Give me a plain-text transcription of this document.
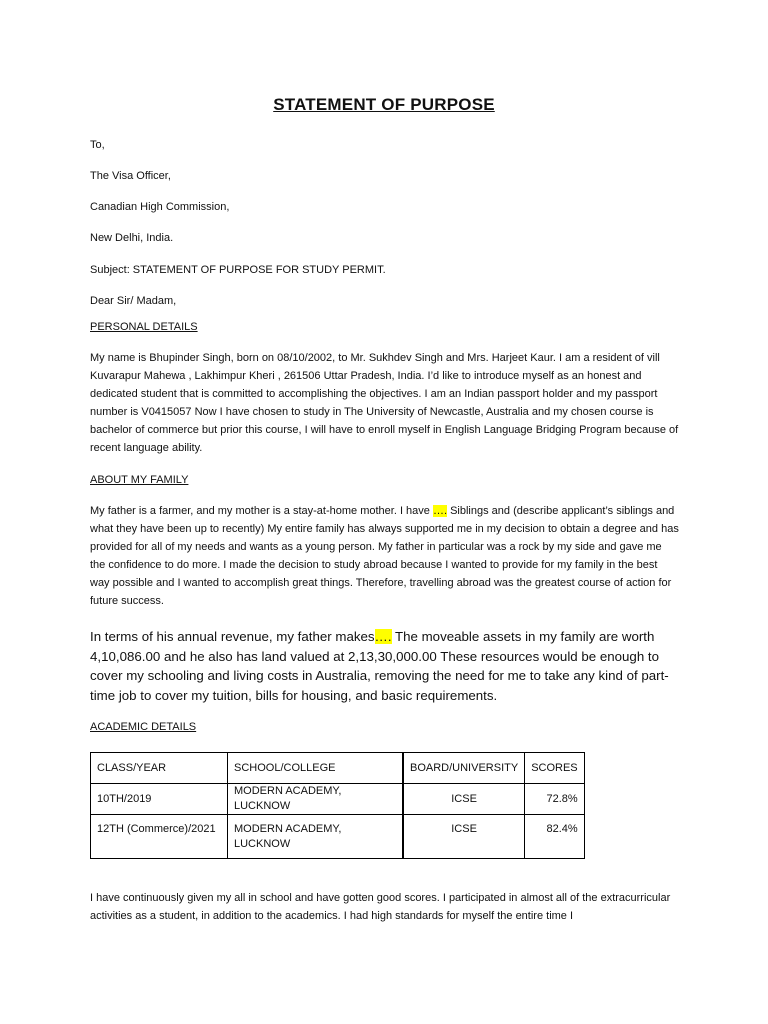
STATEMENT OF PURPOSE
To,
The Visa Officer,
Canadian High Commission,
New Delhi, India.
Subject: STATEMENT OF PURPOSE FOR STUDY PERMIT.
Dear Sir/ Madam,
PERSONAL DETAILS
My name is Bhupinder Singh, born on 08/10/2002, to Mr. Sukhdev Singh and Mrs. Harjeet Kaur. I am a resident of vill Kuvarapur Mahewa , Lakhimpur Kheri , 261506 Uttar Pradesh, India. I’d like to introduce myself as an honest and dedicated student that is committed to accomplishing the objectives. I am an Indian passport holder and my passport number is V0415057 Now I have chosen to study in The University of Newcastle, Australia and my chosen course is bachelor of commerce but prior this course, I will have to enroll myself in English Language Bridging Program because of recent language ability.
ABOUT MY FAMILY
My father is a farmer, and my mother is a stay-at-home mother. I have …. Siblings and (describe applicant’s siblings and what they have been up to recently) My entire family has always supported me in my decision to obtain a degree and has provided for all of my needs and wants as a young person. My father in particular was a rock by my side and gave me the confidence to do more. I made the decision to study abroad because I wanted to provide for my family in the best way possible and I wanted to accomplish great things. Therefore, travelling abroad was the greatest course of action for future success.
In terms of his annual revenue, my father makes…. The moveable assets in my family are worth 4,10,086.00 and he also has land valued at 2,13,30,000.00 These resources would be enough to cover my schooling and living costs in Australia, removing the need for me to take any kind of part-time job to cover my tuition, bills for housing, and basic requirements.
ACADEMIC DETAILS
CLASS/YEAR	SCHOOL/COLLEGE	BOARD/UNIVERSITY	SCORES
10TH/2019	MODERN ACADEMY, LUCKNOW	ICSE	72.8%
12TH (Commerce)/2021	MODERN ACADEMY, LUCKNOW	ICSE	82.4%
I have continuously given my all in school and have gotten good scores. I participated in almost all of the extracurricular activities as a student, in addition to the academics. I had high standards for myself the entire time I
